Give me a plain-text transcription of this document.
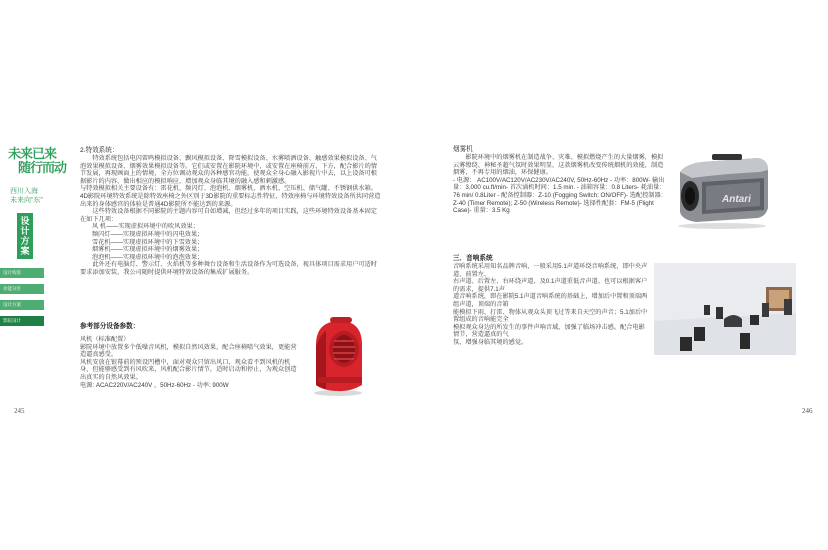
未来已来
随行而动
西川入海
未来向“东”
设计方案
设计构思
功能分区
设计方案
影院设计

2.特效系统：

　　特效系统包括电闪雷鸣模拟设备、飘风模拟设备、降雪模拟设备、水雾喷洒设备、触感效果模拟设备、气泡效果模拟设备、烟雾效果模拟设备等。它们或安置在影院环境中，或安置在座椅前方、下方，配合影片的情节发展，再现画面上的情境，全方位调动观众的各种感官功能，使观众全身心融入影视片中去，以上设备可根据影片的内容，做出相应的模拟响应，增加观众身临其境的融入感和刺激感。

与特效模拟相关主要设备有：雷花机、频闪灯、泡泡机、烟雾机、洒水机、空压机、储气罐、不锈钢供水箱。 4D影院环境特效系统是除特效座椅之外区别于3D影院的重要标志性特征，特效座椅与环境特效设备所共同营造出来的身体感官的体验是普通4D影院所不能达到的来源。

　　这些特效设备根据不同影院的主题内容可自如增减，但经过多年的项目实践，这些环境特效设备基本固定在如下几项：

风 机——实现虚拟环境中的吹风效果；

频闪灯——实现虚拟环境中的闪电效果；

雪花机——实现虚拟环境中的下雪效果；

烟雾机——实现虚拟环境中的烟雾效果；

泡泡机——实现虚拟环境中的泡泡效果；

　　此外还有电脑灯、警示灯、火焰机等多种舞台设备和生活设备作为可选设备，视具体项目需求用户可适时要求添加安装，我公司随时提供环境特效设备的集成扩展服务。

参考部分设备参数：

风机（标准配置）

影院环境中放置多个低噪音风机，模拟自然风效果，配合座椅喷气效果，更能营造逼真感受。

风机安放在银幕前的预设凹槽中，面对观众只留出风口，观众看不到风机的机身，但能够感受到有风吹来，风机配合影片情节，适时启动和停止，为观众创造出真实的自然风效果。

电源: ACAC220V/AC240V ，50Hz-60Hz - 功率: 900W

245

烟雾机

　　影院环境中的烟雾机在制造战争、灾难、模拟燃烧产生的大量烟雾，模拟云雾缭绕、神秘圣超气氛时效果明显，这款烟雾机改变传统烟机的效能，制造烟雾，不再专用的烟油，环保健康。

- 电源： AC100V/AC120V/AC230V/AC240V, 50Hz-60Hz - 功率：800W- 输出量：3,000 cu.ft/min- 首次涌机时间：1.5 min. - 油箱容量：0.8 Liters- 耗油量：76 min/ 0.8Liter - 配备控制器：Z-10 (Fogging Switch: ON/OFF)- 选配控制器：Z-40 (Timer Remote); Z-50 (Wireless Remote)- 选择性配套：FM-5 (Flight Case)- 重量：3.5 Kg

Antari

三．音响系统

音响系统采用知名品牌音响，一般采用5.1声道环绕音响系统，即中央声道、前置左、

右声道、后置左、右环绕声道、及0.1声道重低音声道。也可以根据客户的需求，提供7.1声

道音响系统，即在影院5.1声道音响系统的基础上，增加后中置和顶端两组声道，顶端的音箱

能模拟下雨、打雷、物体从观众头顶飞过等来自天空的声音；5.1加后中置组成的音响能完全

模拟观众身边的所发生的事件声响音域，加强了临场冲击感。配合电影情节，营造逼真的气

氛，增强身临其境的感觉。

246
